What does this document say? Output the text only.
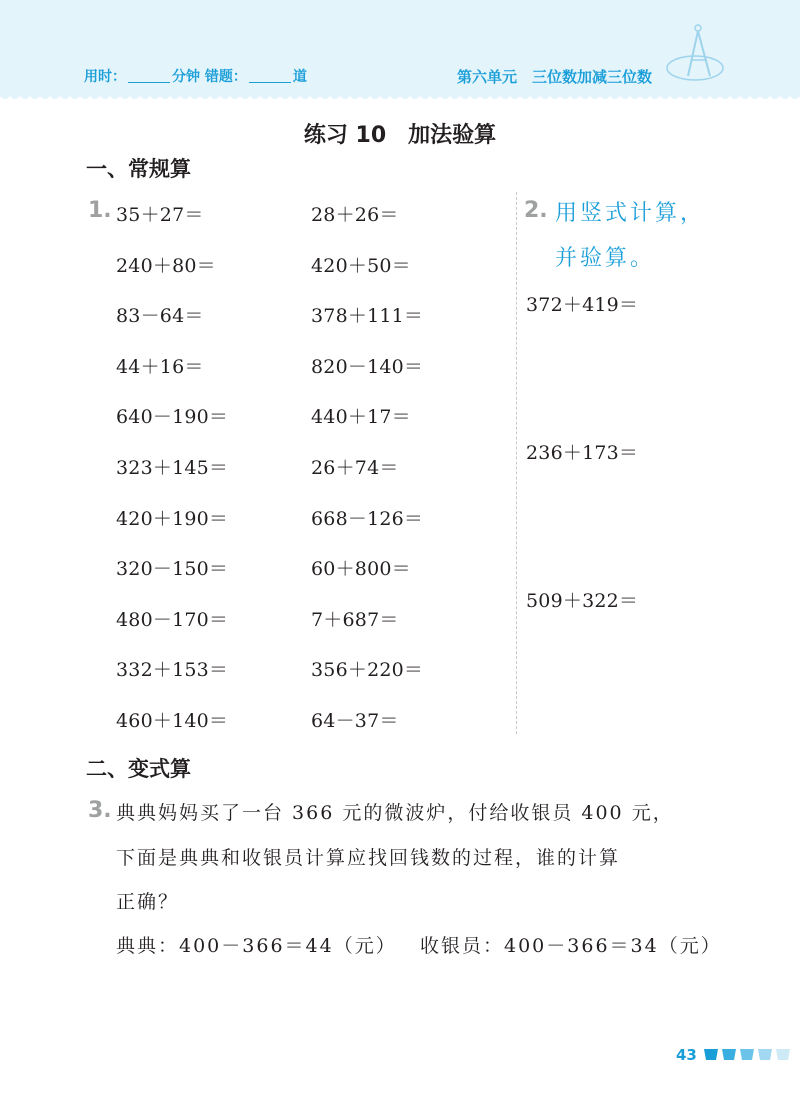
用时：	分钟 错题：	道	第六单元　三位数加减三位数
练习 10　加法验算
一、常规算
1. 35＋27＝
240＋80＝
83－64＝
44＋16＝
640－190＝
323＋145＝
420＋190＝
320－150＝
480－170＝
332＋153＝
460＋140＝
28＋26＝
420＋50＝
378＋111＝
820－140＝
440＋17＝
26＋74＝
668－126＝
60＋800＝
7＋687＝
356＋220＝
64－37＝
2. 用竖式计算，
并验算。
372＋419＝
236＋173＝
509＋322＝
二、变式算
3. 典典妈妈买了一台 366 元的微波炉，付给收银员 400 元，
下面是典典和收银员计算应找回钱数的过程，谁的计算
正确？
典典：400－366＝44（元） 收银员：400－366＝34（元）
43
